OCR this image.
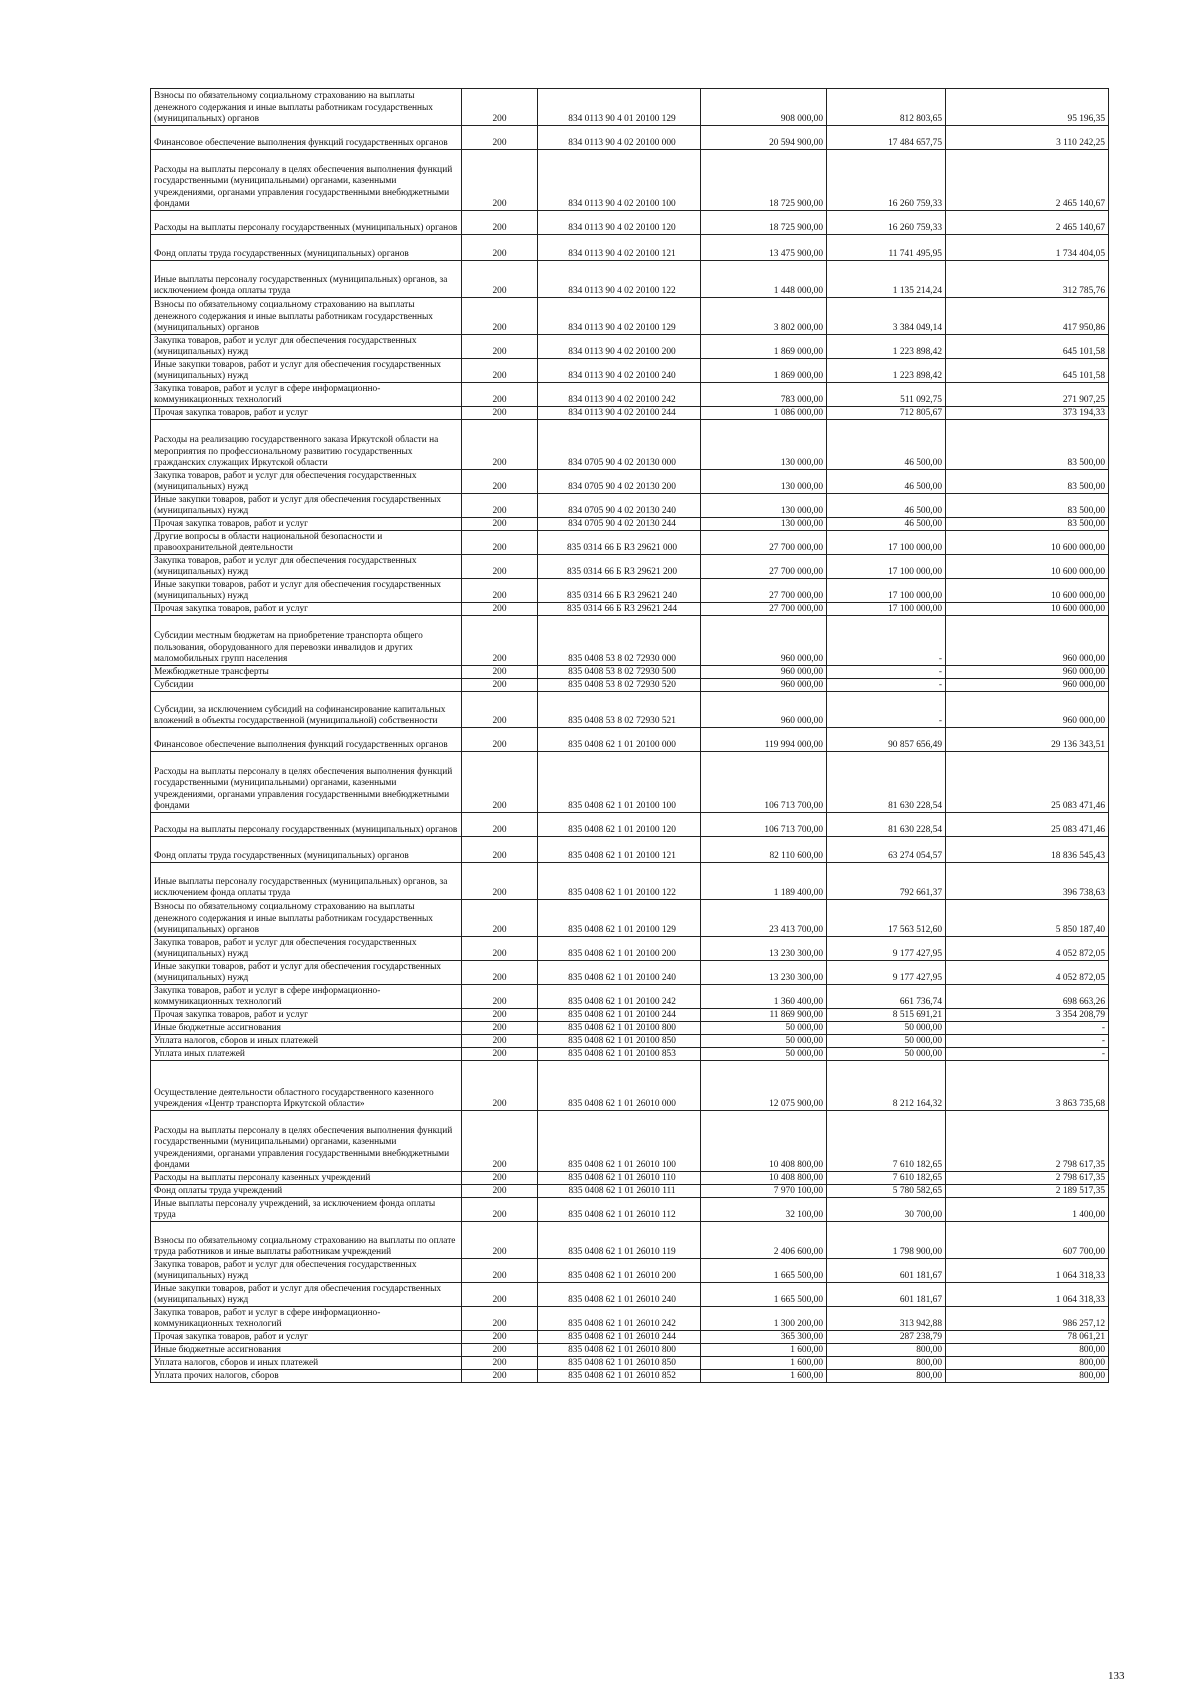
Взносы по обязательному социальному страхованию на выплаты денежного содержания и иные выплаты работникам государственных (муниципальных) органов	200	834 0113 90 4 01 20100 129	908 000,00	812 803,65	95 196,35
Финансовое обеспечение выполнения функций государственных органов	200	834 0113 90 4 02 20100 000	20 594 900,00	17 484 657,75	3 110 242,25
Расходы на выплаты персоналу в целях обеспечения выполнения функций государственными (муниципальными) органами, казенными учреждениями, органами управления государственными внебюджетными фондами	200	834 0113 90 4 02 20100 100	18 725 900,00	16 260 759,33	2 465 140,67
Расходы на выплаты персоналу государственных (муниципальных) органов	200	834 0113 90 4 02 20100 120	18 725 900,00	16 260 759,33	2 465 140,67
Фонд оплаты труда государственных (муниципальных) органов	200	834 0113 90 4 02 20100 121	13 475 900,00	11 741 495,95	1 734 404,05
Иные выплаты персоналу государственных (муниципальных) органов, за исключением фонда оплаты труда	200	834 0113 90 4 02 20100 122	1 448 000,00	1 135 214,24	312 785,76
Взносы по обязательному социальному страхованию на выплаты денежного содержания и иные выплаты работникам государственных (муниципальных) органов	200	834 0113 90 4 02 20100 129	3 802 000,00	3 384 049,14	417 950,86
Закупка товаров, работ и услуг для обеспечения государственных (муниципальных) нужд	200	834 0113 90 4 02 20100 200	1 869 000,00	1 223 898,42	645 101,58
Иные закупки товаров, работ и услуг для обеспечения государственных (муниципальных) нужд	200	834 0113 90 4 02 20100 240	1 869 000,00	1 223 898,42	645 101,58
Закупка товаров, работ и услуг в сфере информационно-коммуникационных технологий	200	834 0113 90 4 02 20100 242	783 000,00	511 092,75	271 907,25
Прочая закупка товаров, работ и услуг	200	834 0113 90 4 02 20100 244	1 086 000,00	712 805,67	373 194,33
Расходы на реализацию государственного заказа Иркутской области на мероприятия по профессиональному развитию государственных гражданских служащих Иркутской области	200	834 0705 90 4 02 20130 000	130 000,00	46 500,00	83 500,00
Закупка товаров, работ и услуг для обеспечения государственных (муниципальных) нужд	200	834 0705 90 4 02 20130 200	130 000,00	46 500,00	83 500,00
Иные закупки товаров, работ и услуг для обеспечения государственных (муниципальных) нужд	200	834 0705 90 4 02 20130 240	130 000,00	46 500,00	83 500,00
Прочая закупка товаров, работ и услуг	200	834 0705 90 4 02 20130 244	130 000,00	46 500,00	83 500,00
Другие вопросы в области национальной безопасности и правоохранительной деятельности	200	835 0314 66 Б R3 29621 000	27 700 000,00	17 100 000,00	10 600 000,00
Закупка товаров, работ и услуг для обеспечения государственных (муниципальных) нужд	200	835 0314 66 Б R3 29621 200	27 700 000,00	17 100 000,00	10 600 000,00
Иные закупки товаров, работ и услуг для обеспечения государственных (муниципальных) нужд	200	835 0314 66 Б R3 29621 240	27 700 000,00	17 100 000,00	10 600 000,00
Прочая закупка товаров, работ и услуг	200	835 0314 66 Б R3 29621 244	27 700 000,00	17 100 000,00	10 600 000,00
Субсидии местным бюджетам на приобретение транспорта общего пользования, оборудованного для перевозки инвалидов и других маломобильных групп населения	200	835 0408 53 8 02 72930 000	960 000,00	-	960 000,00
Межбюджетные трансферты	200	835 0408 53 8 02 72930 500	960 000,00	-	960 000,00
Субсидии	200	835 0408 53 8 02 72930 520	960 000,00	-	960 000,00
Субсидии, за исключением субсидий на софинансирование капитальных вложений в объекты государственной (муниципальной) собственности	200	835 0408 53 8 02 72930 521	960 000,00	-	960 000,00
Финансовое обеспечение выполнения функций государственных органов	200	835 0408 62 1 01 20100 000	119 994 000,00	90 857 656,49	29 136 343,51
Расходы на выплаты персоналу в целях обеспечения выполнения функций государственными (муниципальными) органами, казенными учреждениями, органами управления государственными внебюджетными фондами	200	835 0408 62 1 01 20100 100	106 713 700,00	81 630 228,54	25 083 471,46
Расходы на выплаты персоналу государственных (муниципальных) органов	200	835 0408 62 1 01 20100 120	106 713 700,00	81 630 228,54	25 083 471,46
Фонд оплаты труда государственных (муниципальных) органов	200	835 0408 62 1 01 20100 121	82 110 600,00	63 274 054,57	18 836 545,43
Иные выплаты персоналу государственных (муниципальных) органов, за исключением фонда оплаты труда	200	835 0408 62 1 01 20100 122	1 189 400,00	792 661,37	396 738,63
Взносы по обязательному социальному страхованию на выплаты денежного содержания и иные выплаты работникам государственных (муниципальных) органов	200	835 0408 62 1 01 20100 129	23 413 700,00	17 563 512,60	5 850 187,40
Закупка товаров, работ и услуг для обеспечения государственных (муниципальных) нужд	200	835 0408 62 1 01 20100 200	13 230 300,00	9 177 427,95	4 052 872,05
Иные закупки товаров, работ и услуг для обеспечения государственных (муниципальных) нужд	200	835 0408 62 1 01 20100 240	13 230 300,00	9 177 427,95	4 052 872,05
Закупка товаров, работ и услуг в сфере информационно-коммуникационных технологий	200	835 0408 62 1 01 20100 242	1 360 400,00	661 736,74	698 663,26
Прочая закупка товаров, работ и услуг	200	835 0408 62 1 01 20100 244	11 869 900,00	8 515 691,21	3 354 208,79
Иные бюджетные ассигнования	200	835 0408 62 1 01 20100 800	50 000,00	50 000,00	-
Уплата налогов, сборов и иных платежей	200	835 0408 62 1 01 20100 850	50 000,00	50 000,00	-
Уплата иных платежей	200	835 0408 62 1 01 20100 853	50 000,00	50 000,00	-
Осуществление деятельности областного государственного казенного учреждения «Центр транспорта Иркутской области»	200	835 0408 62 1 01 26010 000	12 075 900,00	8 212 164,32	3 863 735,68
Расходы на выплаты персоналу в целях обеспечения выполнения функций государственными (муниципальными) органами, казенными учреждениями, органами управления государственными внебюджетными фондами	200	835 0408 62 1 01 26010 100	10 408 800,00	7 610 182,65	2 798 617,35
Расходы на выплаты персоналу казенных учреждений	200	835 0408 62 1 01 26010 110	10 408 800,00	7 610 182,65	2 798 617,35
Фонд оплаты труда учреждений	200	835 0408 62 1 01 26010 111	7 970 100,00	5 780 582,65	2 189 517,35
Иные выплаты персоналу учреждений, за исключением фонда оплаты труда	200	835 0408 62 1 01 26010 112	32 100,00	30 700,00	1 400,00
Взносы по обязательному социальному страхованию на выплаты по оплате труда работников и иные выплаты работникам учреждений	200	835 0408 62 1 01 26010 119	2 406 600,00	1 798 900,00	607 700,00
Закупка товаров, работ и услуг для обеспечения государственных (муниципальных) нужд	200	835 0408 62 1 01 26010 200	1 665 500,00	601 181,67	1 064 318,33
Иные закупки товаров, работ и услуг для обеспечения государственных (муниципальных) нужд	200	835 0408 62 1 01 26010 240	1 665 500,00	601 181,67	1 064 318,33
Закупка товаров, работ и услуг в сфере информационно-коммуникационных технологий	200	835 0408 62 1 01 26010 242	1 300 200,00	313 942,88	986 257,12
Прочая закупка товаров, работ и услуг	200	835 0408 62 1 01 26010 244	365 300,00	287 238,79	78 061,21
Иные бюджетные ассигнования	200	835 0408 62 1 01 26010 800	1 600,00	800,00	800,00
Уплата налогов, сборов и иных платежей	200	835 0408 62 1 01 26010 850	1 600,00	800,00	800,00
Уплата прочих налогов, сборов	200	835 0408 62 1 01 26010 852	1 600,00	800,00	800,00
133
